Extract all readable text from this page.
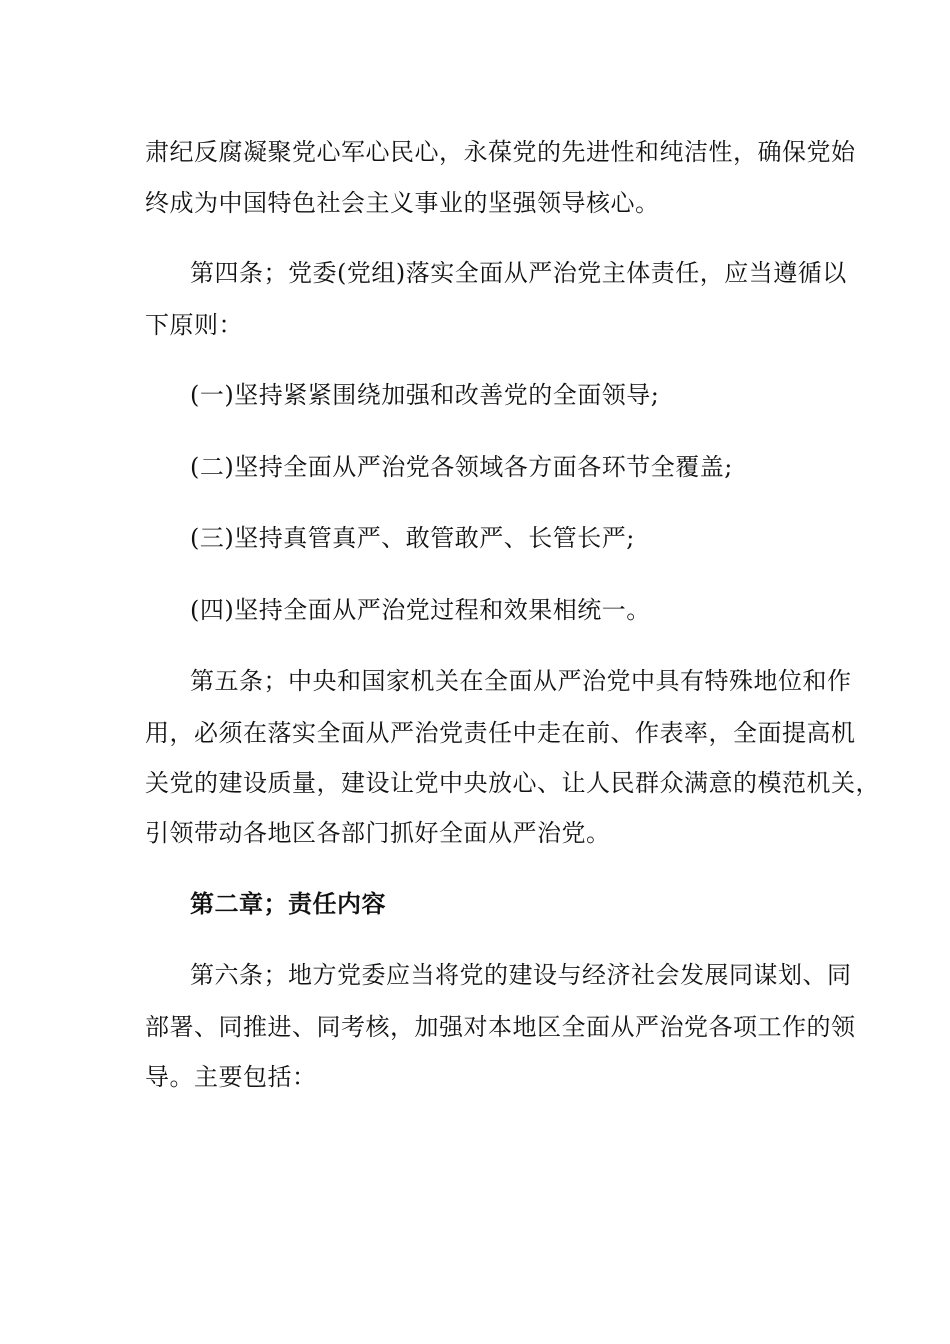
肃纪反腐凝聚党心军心民心，永葆党的先进性和纯洁性，确保党始
终成为中国特色社会主义事业的坚强领导核心。
第四条；党委(党组)落实全面从严治党主体责任，应当遵循以
下原则：
(一)坚持紧紧围绕加强和改善党的全面领导;
(二)坚持全面从严治党各领域各方面各环节全覆盖;
(三)坚持真管真严、敢管敢严、长管长严;
(四)坚持全面从严治党过程和效果相统一。
第五条；中央和国家机关在全面从严治党中具有特殊地位和作
用，必须在落实全面从严治党责任中走在前、作表率，全面提高机
关党的建设质量，建设让党中央放心、让人民群众满意的模范机关，
引领带动各地区各部门抓好全面从严治党。
第二章；责任内容
第六条；地方党委应当将党的建设与经济社会发展同谋划、同
部署、同推进、同考核，加强对本地区全面从严治党各项工作的领
导。主要包括：
